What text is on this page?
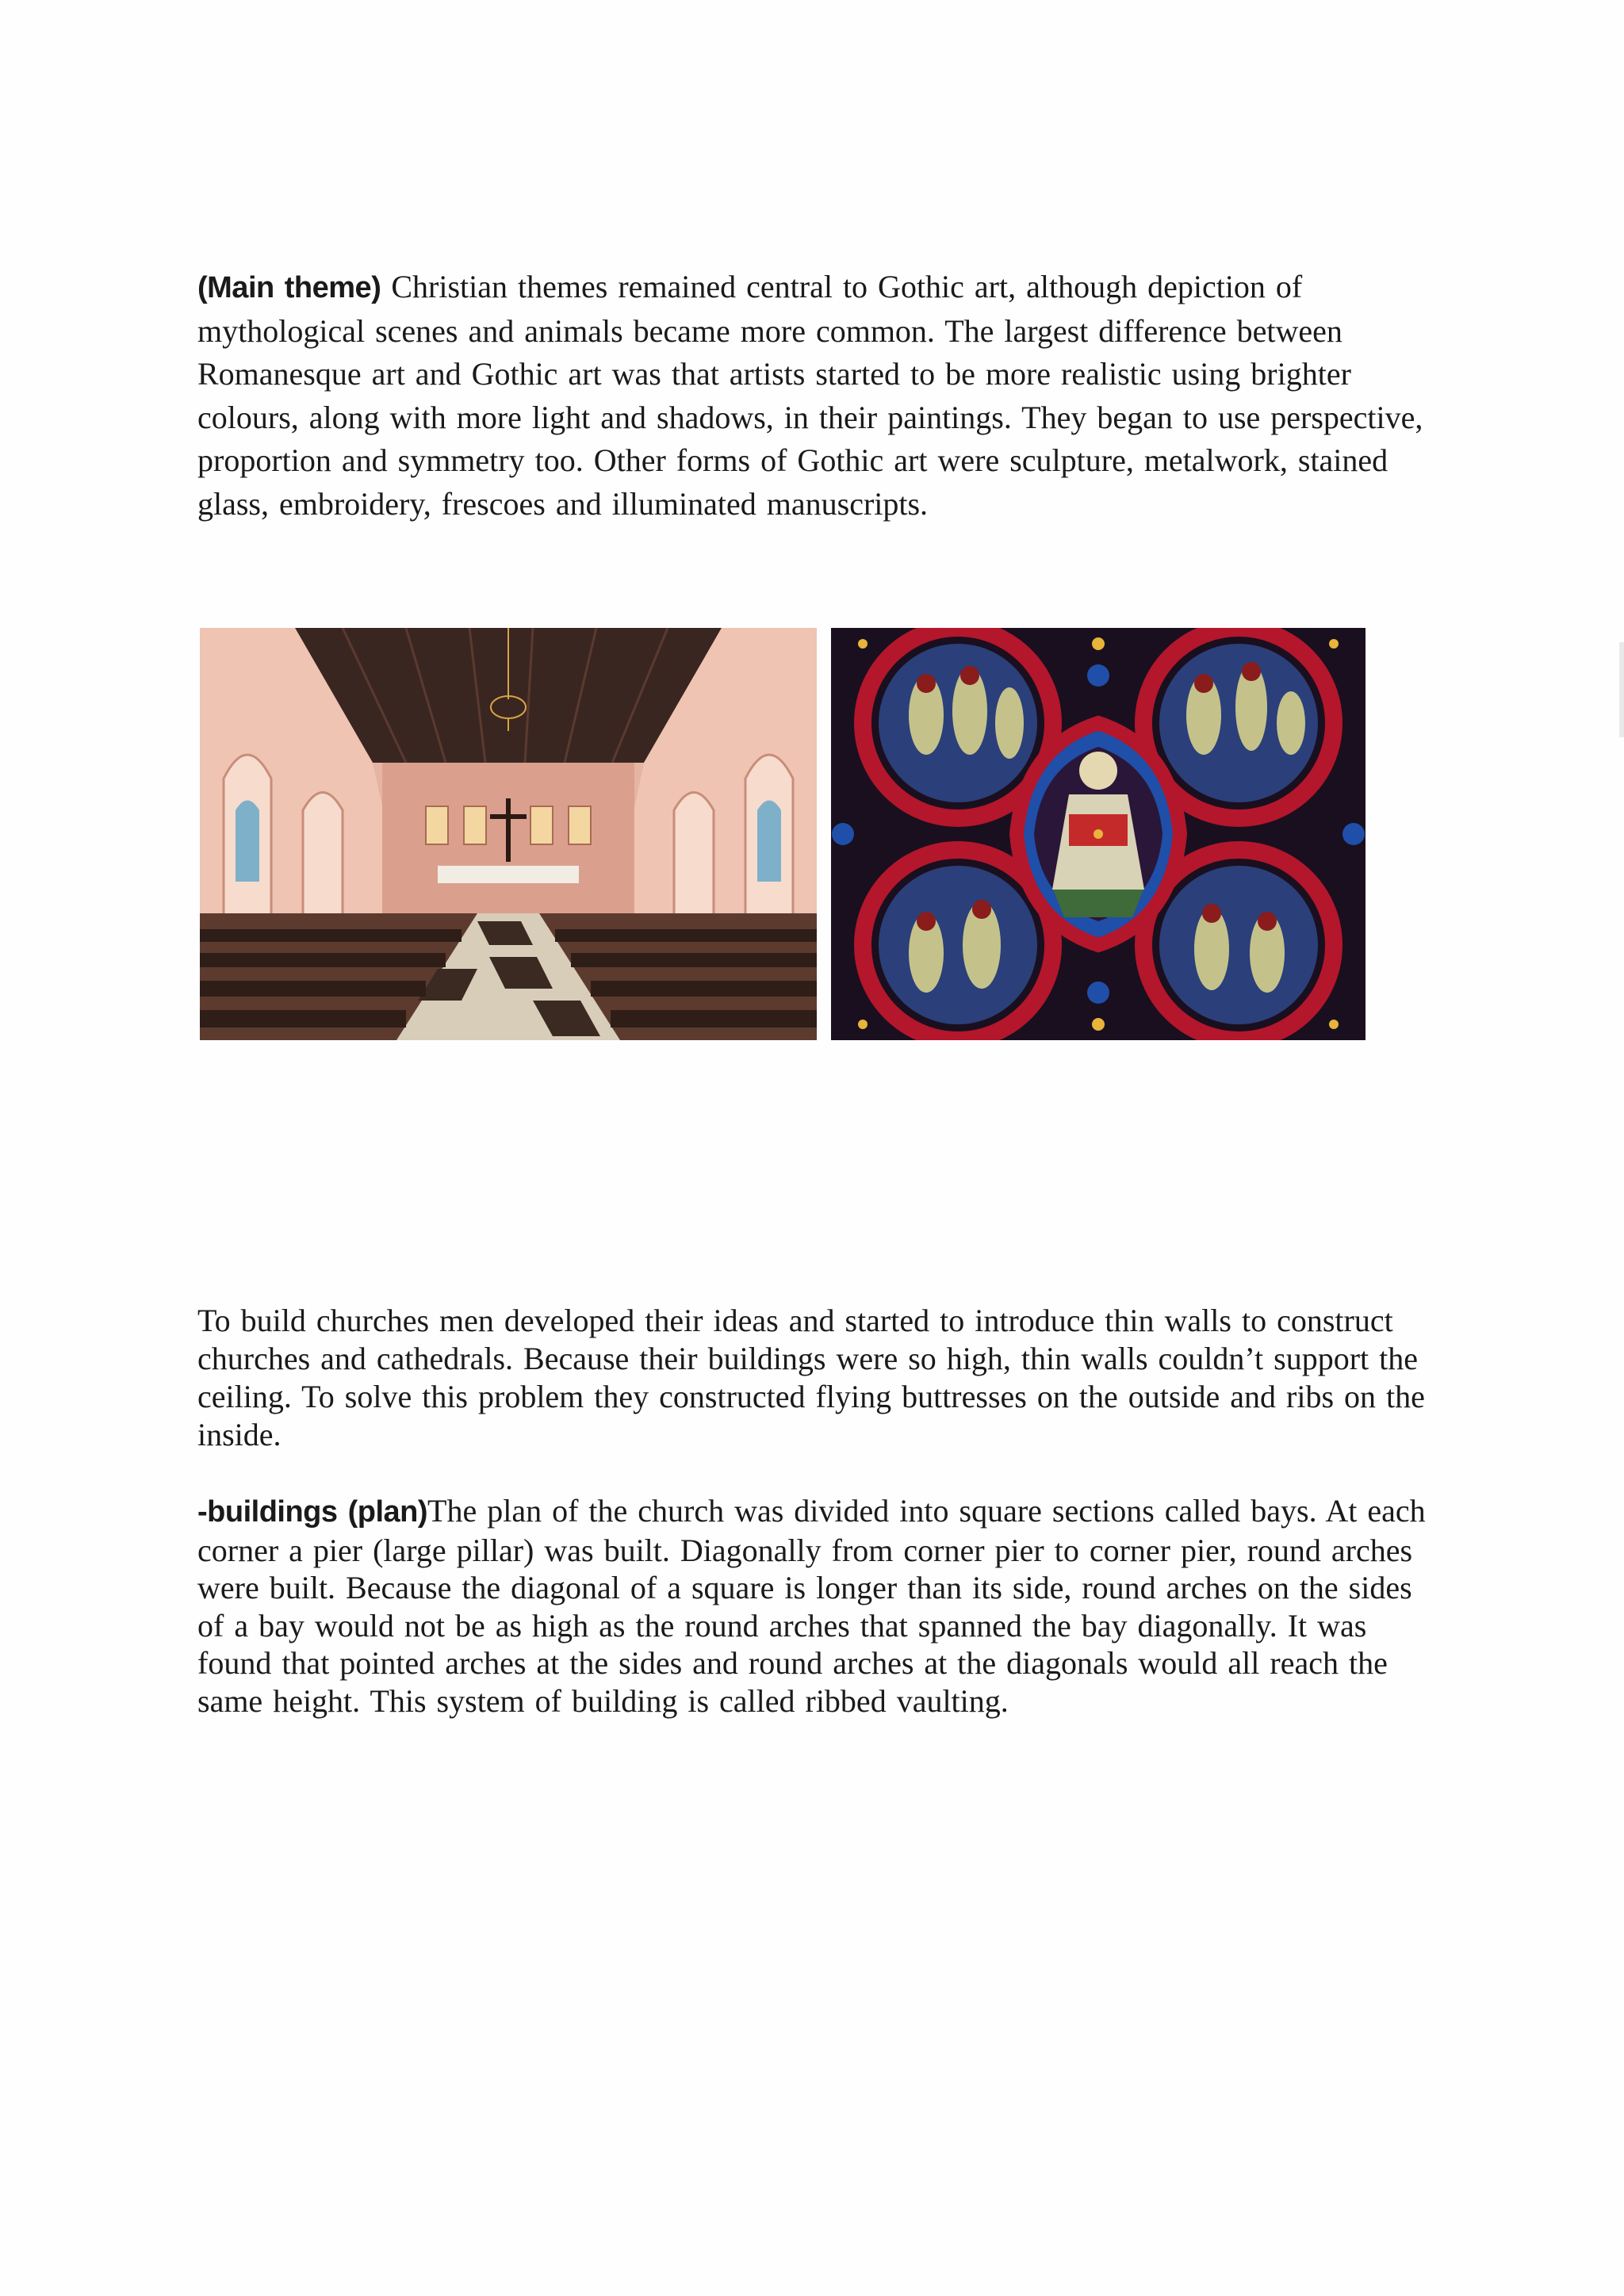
(Main theme) Christian themes remained central to Gothic art, although depiction of mythological scenes and animals became more common. The largest difference between Romanesque art and Gothic art was that artists started to be more realistic using brighter colours, along with more light and shadows, in their paintings. They began to use perspective, proportion and symmetry too. Other forms of Gothic art were sculpture, metalwork, stained glass, embroidery, frescoes and illuminated manuscripts.

To build churches men developed their ideas and started to introduce thin walls to construct churches and cathedrals. Because their buildings were so high, thin walls couldn’t support the ceiling. To solve this problem they constructed flying buttresses on the outside and ribs on the inside.

-buildings (plan)The plan of the church was divided into square sections called bays. At each corner a pier (large pillar) was built. Diagonally from corner pier to corner pier, round arches were built. Because the diagonal of a square is longer than its side, round arches on the sides of a bay would not be as high as the round arches that spanned the bay diagonally. It was found that pointed arches at the sides and round arches at the diagonals would all reach the same height. This system of building is called ribbed vaulting.
